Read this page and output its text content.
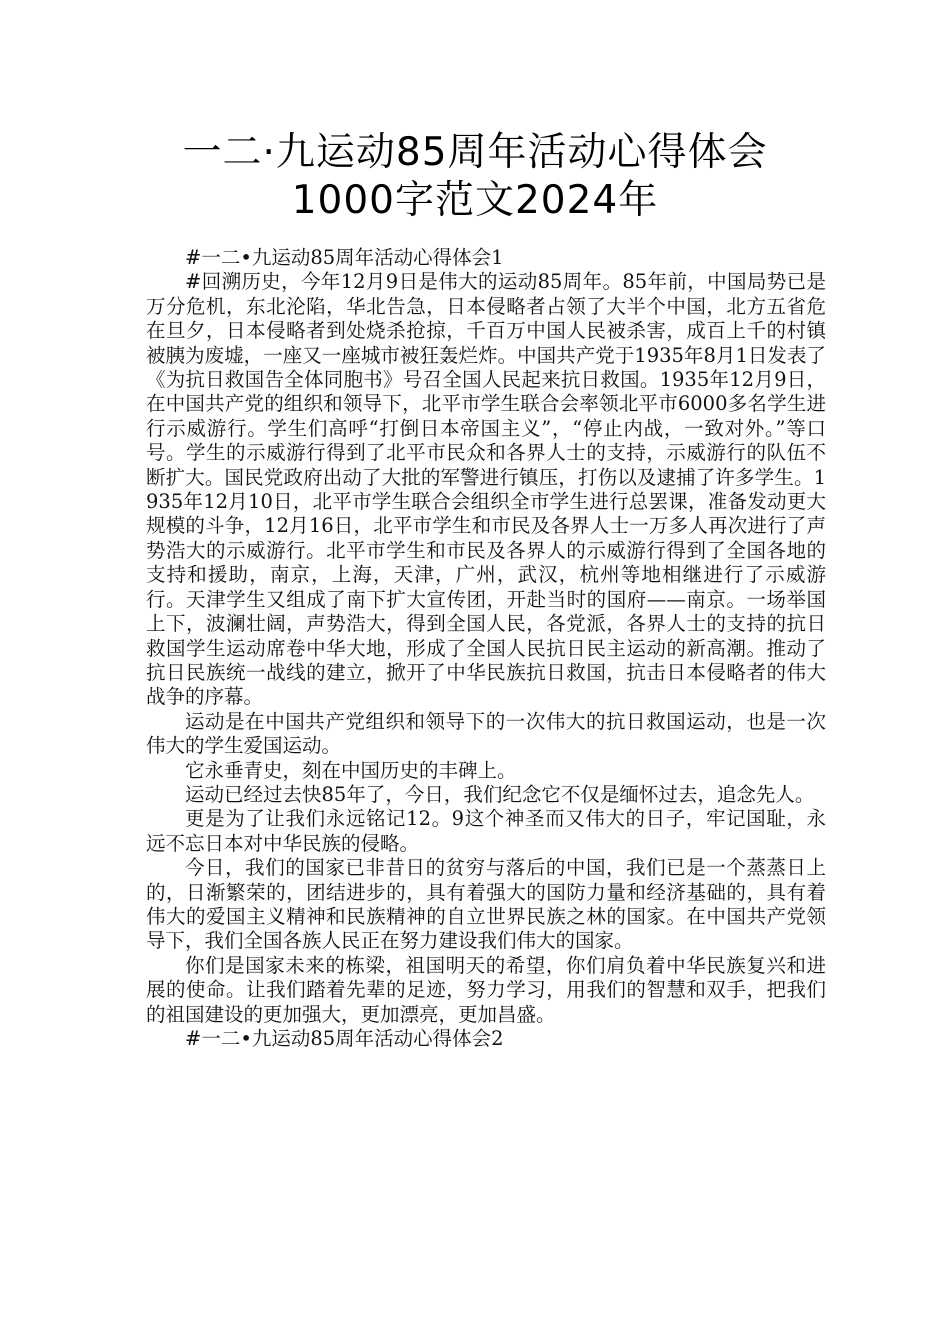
一二·九运动85周年活动心得体会
1000字范文2024年

#一二•九运动85周年活动心得体会1

#回溯历史，今年12月9日是伟大的运动85周年。85年前，中国局势已是万分危机，东北沦陷，华北告急，日本侵略者占领了大半个中国，北方五省危在旦夕，日本侵略者到处烧杀抢掠，千百万中国人民被杀害，成百上千的村镇被胰为废墟，一座又一座城市被狂轰烂炸。中国共产党于1935年8月1日发表了《为抗日救国告全体同胞书》号召全国人民起来抗日救国。1935年12月9日，在中国共产党的组织和领导下，北平市学生联合会率领北平市6000多名学生进行示威游行。学生们高呼“打倒日本帝国主义”，“停止内战，一致对外。”等口号。学生的示威游行得到了北平市民众和各界人士的支持，示威游行的队伍不断扩大。国民党政府出动了大批的军警进行镇压，打伤以及逮捕了许多学生。1935年12月10日，北平市学生联合会组织全市学生进行总罢课，准备发动更大规模的斗争，12月16日，北平市学生和市民及各界人士一万多人再次进行了声势浩大的示威游行。北平市学生和市民及各界人的示威游行得到了全国各地的支持和援助，南京，上海，天津，广州，武汉，杭州等地相继进行了示威游行。天津学生又组成了南下扩大宣传团，开赴当时的国府——南京。一场举国上下，波澜壮阔，声势浩大，得到全国人民，各党派，各界人士的支持的抗日救国学生运动席卷中华大地，形成了全国人民抗日民主运动的新高潮。推动了抗日民族统一战线的建立，掀开了中华民族抗日救国，抗击日本侵略者的伟大战争的序幕。

运动是在中国共产党组织和领导下的一次伟大的抗日救国运动，也是一次伟大的学生爱国运动。

它永垂青史，刻在中国历史的丰碑上。

运动已经过去快85年了，今日，我们纪念它不仅是缅怀过去，追念先人。

更是为了让我们永远铭记12。9这个神圣而又伟大的日子，牢记国耻，永远不忘日本对中华民族的侵略。

今日，我们的国家已非昔日的贫穷与落后的中国，我们已是一个蒸蒸日上的，日渐繁荣的，团结进步的，具有着强大的国防力量和经济基础的，具有着伟大的爱国主义精神和民族精神的自立世界民族之林的国家。在中国共产党领导下，我们全国各族人民正在努力建设我们伟大的国家。

你们是国家未来的栋梁，祖国明天的希望，你们肩负着中华民族复兴和进展的使命。让我们踏着先辈的足迹，努力学习，用我们的智慧和双手，把我们的祖国建设的更加强大，更加漂亮，更加昌盛。

#一二•九运动85周年活动心得体会2
